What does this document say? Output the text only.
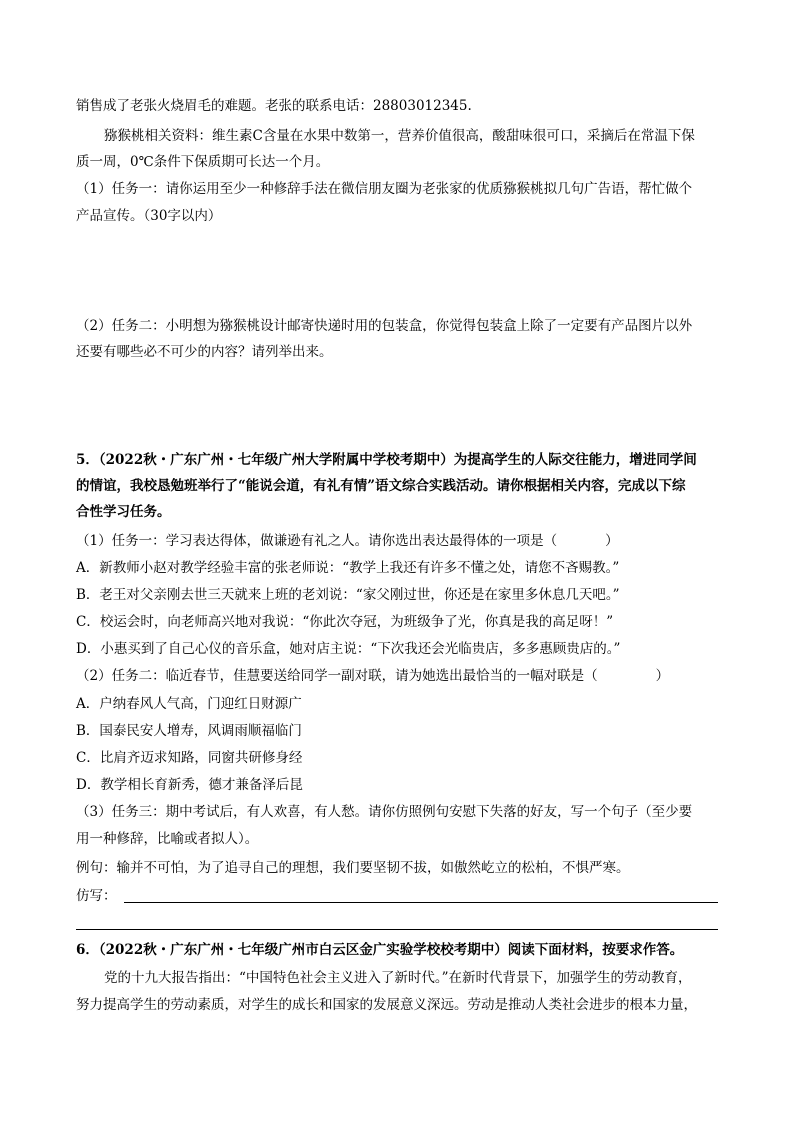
销售成了老张火烧眉毛的难题。老张的联系电话：28803012345.
猕猴桃相关资料：维生素C含量在水果中数第一，营养价值很高，酸甜味很可口，采摘后在常温下保
质一周，0℃条件下保质期可长达一个月。
（1）任务一：请你运用至少一种修辞手法在微信朋友圈为老张家的优质猕猴桃拟几句广告语，帮忙做个
产品宣传。（30字以内）
（2）任务二：小明想为猕猴桃设计邮寄快递时用的包装盒，你觉得包装盒上除了一定要有产品图片以外
还要有哪些必不可少的内容？请列举出来。
5．（2022秋・广东广州・七年级广州大学附属中学校考期中）为提高学生的人际交往能力，增进同学间
的情谊，我校恳勉班举行了“能说会道，有礼有情”语文综合实践活动。请你根据相关内容，完成以下综
合性学习任务。
（1）任务一：学习表达得体，做谦逊有礼之人。请你选出表达最得体的一项是（	）
A．新教师小赵对教学经验丰富的张老师说：“教学上我还有许多不懂之处，请您不吝赐教。”
B．老王对父亲刚去世三天就来上班的老刘说：“家父刚过世，你还是在家里多休息几天吧。”
C．校运会时，向老师高兴地对我说：“你此次夺冠，为班级争了光，你真是我的高足呀！”
D．小惠买到了自己心仪的音乐盒，她对店主说：“下次我还会光临贵店，多多惠顾贵店的。”
（2）任务二：临近春节，佳慧要送给同学一副对联，请为她选出最恰当的一幅对联是（	）
A．户纳春风人气高，门迎红日财源广
B．国泰民安人增寿，风调雨顺福临门
C．比肩齐迈求知路，同窗共研修身经
D．教学相长育新秀，德才兼备泽后昆
（3）任务三：期中考试后，有人欢喜，有人愁。请你仿照例句安慰下失落的好友，写一个句子（至少要
用一种修辞，比喻或者拟人）。
例句：输并不可怕，为了追寻自己的理想，我们要坚韧不拔，如傲然屹立的松柏，不惧严寒。
仿写：
6．（2022秋・广东广州・七年级广州市白云区金广实验学校校考期中）阅读下面材料，按要求作答。
党的十九大报告指出：“中国特色社会主义进入了新时代。”在新时代背景下，加强学生的劳动教育，
努力提高学生的劳动素质，对学生的成长和国家的发展意义深远。劳动是推动人类社会进步的根本力量，
